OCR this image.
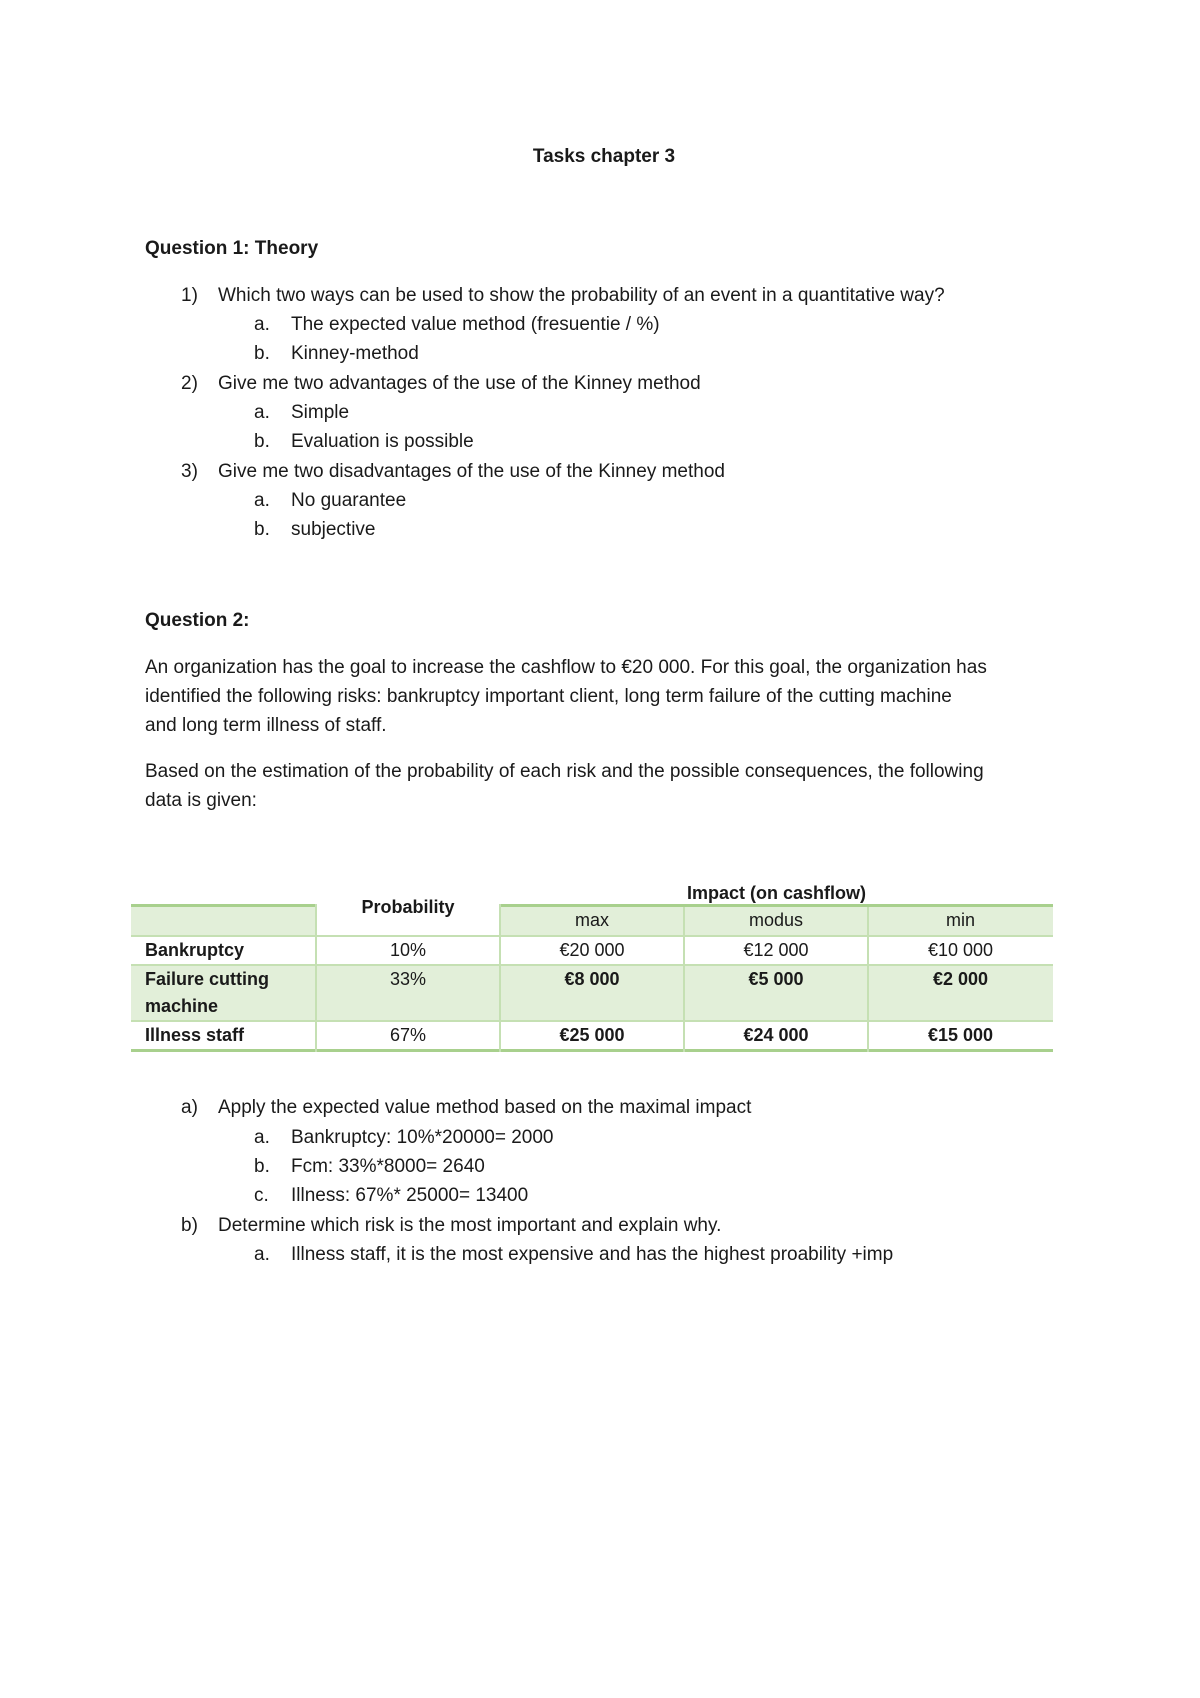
Tasks chapter 3
Question 1: Theory
1) Which two ways can be used to show the probability of an event in a quantitative way?
a. The expected value method (fresuentie / %)
b. Kinney-method
2) Give me two advantages of the use of the Kinney method
a. Simple
b. Evaluation is possible
3) Give me two disadvantages of the use of the Kinney method
a. No guarantee
b. subjective
Question 2:
An organization has the goal to increase the cashflow to €20 000. For this goal, the organization has
identified the following risks: bankruptcy important client, long term failure of the cutting machine
and long term illness of staff.
Based on the estimation of the probability of each risk and the possible consequences, the following
data is given:
Probability
Impact (on cashflow)
max	modus	min
Bankruptcy	10%	€20 000	€12 000	€10 000
Failure cutting
machine
33%	€8 000	€5 000	€2 000
Illness staff	67%	€25 000	€24 000	€15 000
a) Apply the expected value method based on the maximal impact
a. Bankruptcy: 10%*20000= 2000
b. Fcm: 33%*8000= 2640
c. Illness: 67%* 25000= 13400
b) Determine which risk is the most important and explain why.
a. Illness staff, it is the most expensive and has the highest proability +imp
